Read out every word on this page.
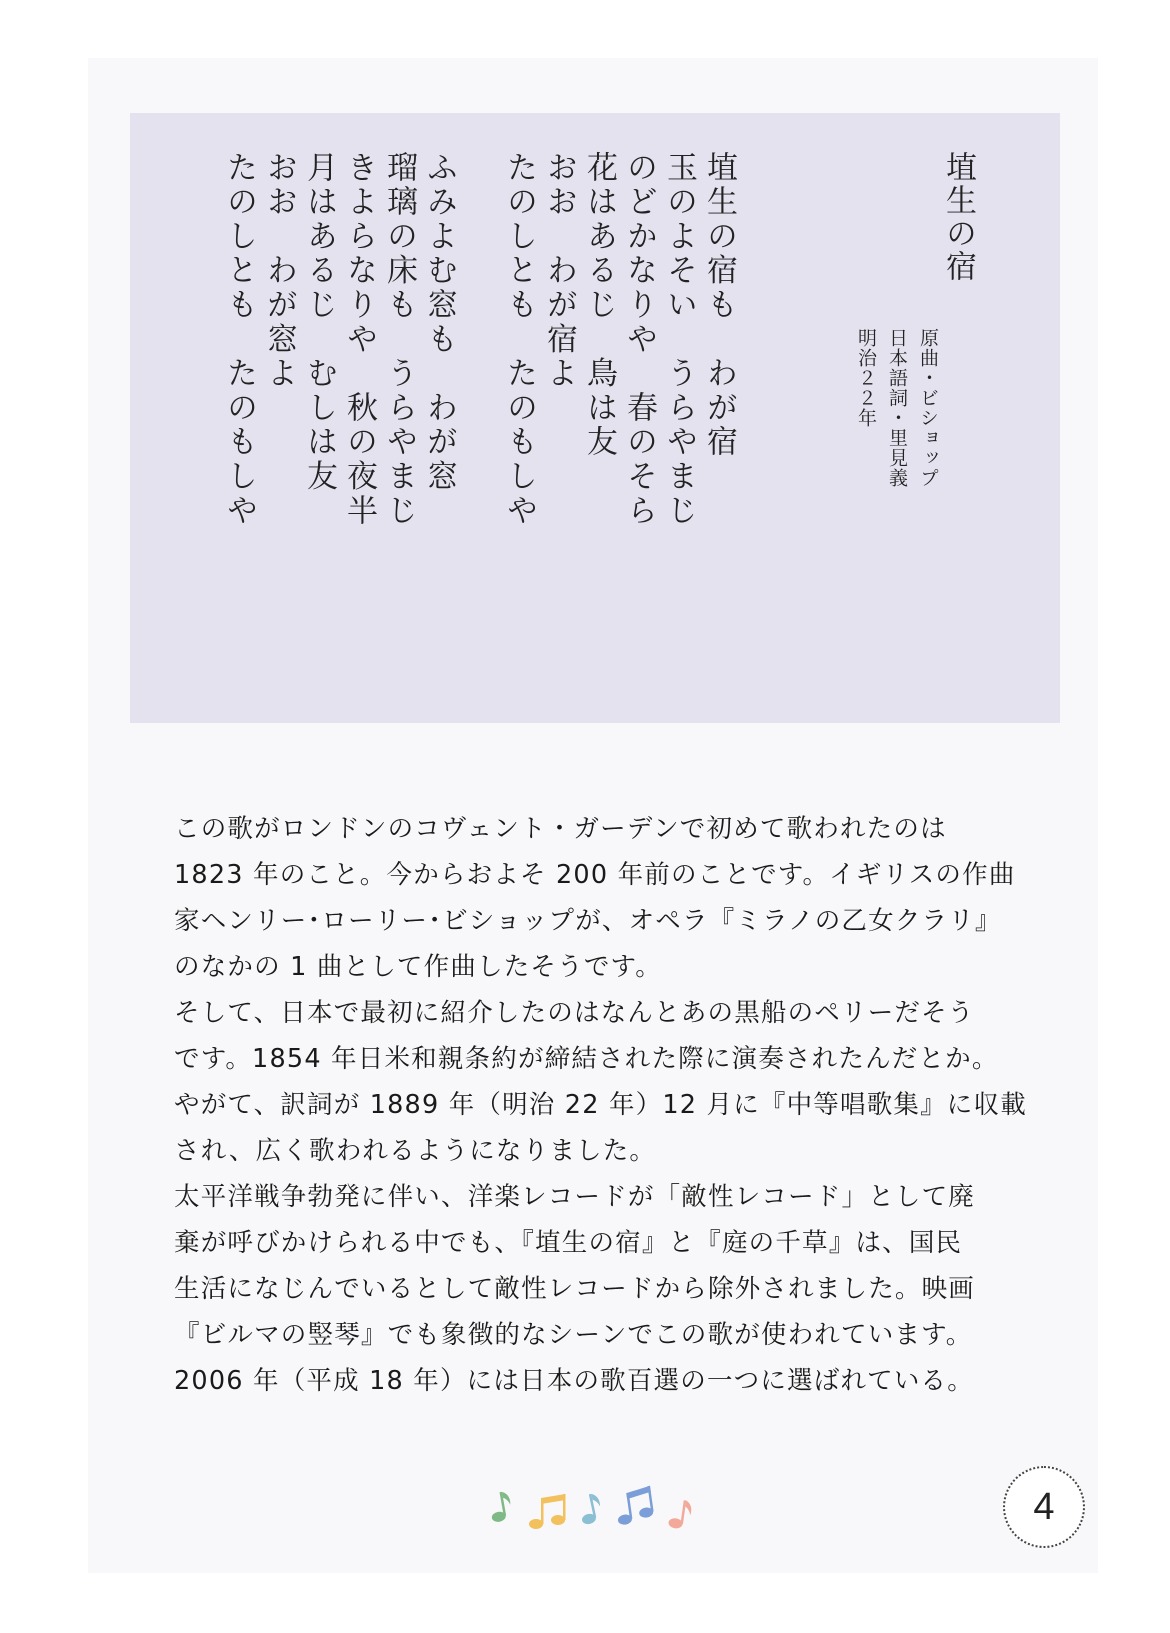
埴生の宿
原曲・ビショップ
日本語詞・里見義
明治２２年
埴生の宿も　わが宿
玉のよそい　うらやまじ
のどかなりや　春のそら
花はあるじ　鳥は友
おお　わが宿よ
たのしとも　たのもしや
ふみよむ窓も　わが窓
瑠璃の床も　うらやまじ
きよらなりや　秋の夜半
月はあるじ　むしは友
おお　わが窓よ
たのしとも　たのもしや

この歌がロンドンのコヴェント・ガーデンで初めて歌われたのは

1823 年のこと。今からおよそ 200 年前のことです。イギリスの作曲

家ヘンリー･ローリー･ビショップが、オペラ『ミラノの乙女クラリ』

のなかの 1 曲として作曲したそうです。

そして、日本で最初に紹介したのはなんとあの黒船のペリーだそう

です。1854 年日米和親条約が締結された際に演奏されたんだとか。

やがて、訳詞が 1889 年（明治 22 年）12 月に『中等唱歌集』に収載

され、広く歌われるようになりました。

太平洋戦争勃発に伴い、洋楽レコードが「敵性レコード」として廃

棄が呼びかけられる中でも、『埴生の宿』と『庭の千草』は、国民

生活になじんでいるとして敵性レコードから除外されました。映画

『ビルマの竪琴』でも象徴的なシーンでこの歌が使われています。

2006 年（平成 18 年）には日本の歌百選の一つに選ばれている。

4
